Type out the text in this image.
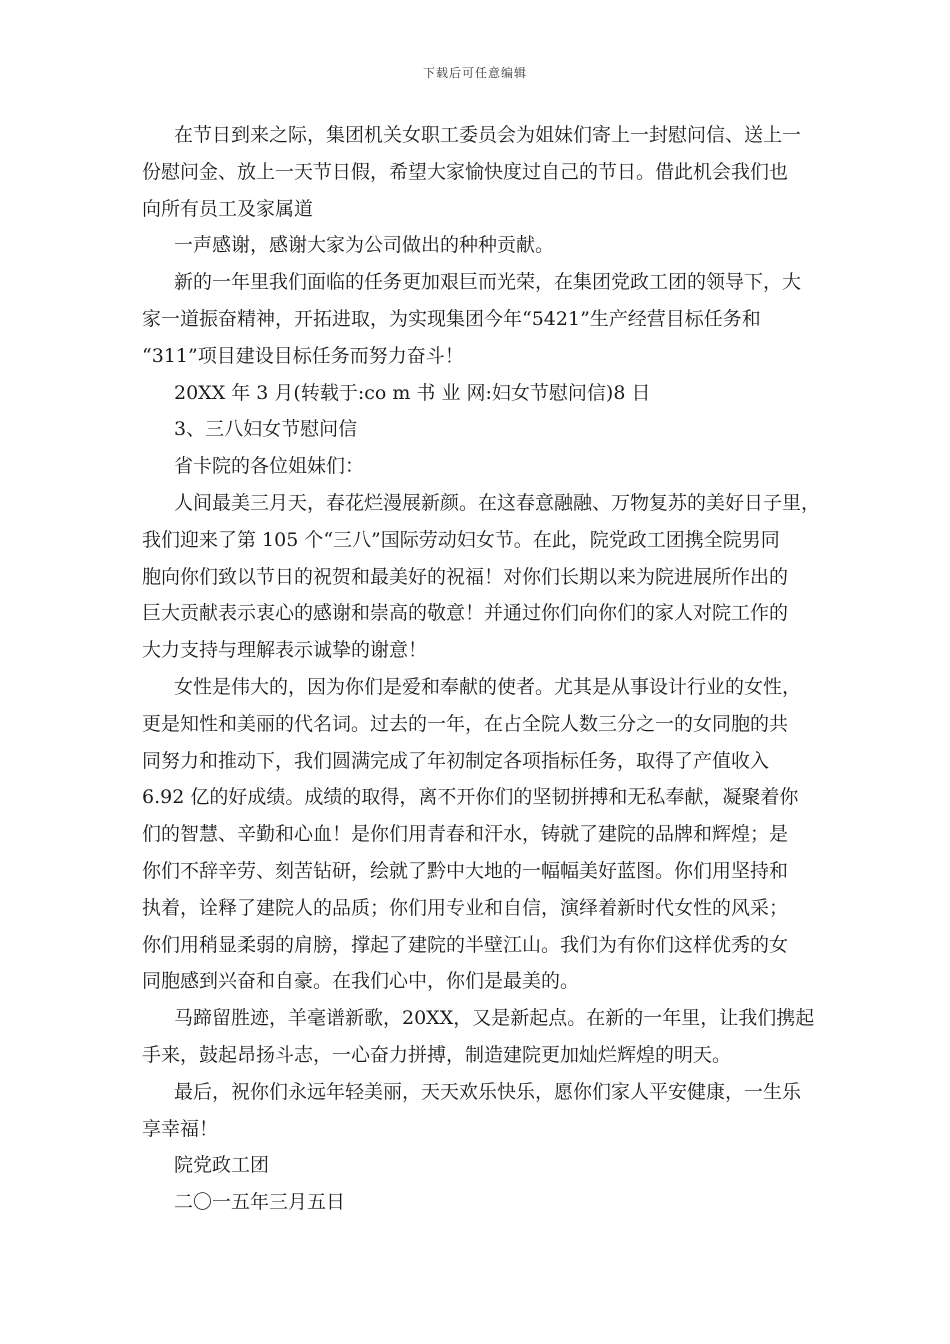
下载后可任意编辑

在节日到来之际，集团机关女职工委员会为姐妹们寄上一封慰问信、送上一
份慰问金、放上一天节日假，希望大家愉快度过自己的节日。借此机会我们也
向所有员工及家属道

一声感谢，感谢大家为公司做出的种种贡献。

新的一年里我们面临的任务更加艰巨而光荣，在集团党政工团的领导下，大
家一道振奋精神，开拓进取，为实现集团今年“5421”生产经营目标任务和
“311”项目建设目标任务而努力奋斗！

20XX 年 3 月(转载于:co m 书 业 网:妇女节慰问信)8 日

3、三八妇女节慰问信

省卡院的各位姐妹们：

人间最美三月天，春花烂漫展新颜。在这春意融融、万物复苏的美好日子里，
我们迎来了第 105 个“三八”国际劳动妇女节。在此，院党政工团携全院男同
胞向你们致以节日的祝贺和最美好的祝福！对你们长期以来为院进展所作出的
巨大贡献表示衷心的感谢和崇高的敬意！并通过你们向你们的家人对院工作的
大力支持与理解表示诚挚的谢意！

女性是伟大的，因为你们是爱和奉献的使者。尤其是从事设计行业的女性，
更是知性和美丽的代名词。过去的一年，在占全院人数三分之一的女同胞的共
同努力和推动下，我们圆满完成了年初制定各项指标任务，取得了产值收入
6.92 亿的好成绩。成绩的取得，离不开你们的坚韧拼搏和无私奉献，凝聚着你
们的智慧、辛勤和心血！是你们用青春和汗水，铸就了建院的品牌和辉煌；是
你们不辞辛劳、刻苦钻研，绘就了黔中大地的一幅幅美好蓝图。你们用坚持和
执着，诠释了建院人的品质；你们用专业和自信，演绎着新时代女性的风采；
你们用稍显柔弱的肩膀，撑起了建院的半壁江山。我们为有你们这样优秀的女
同胞感到兴奋和自豪。在我们心中，你们是最美的。

马蹄留胜迹，羊毫谱新歌，20XX，又是新起点。在新的一年里，让我们携起
手来，鼓起昂扬斗志，一心奋力拼搏，制造建院更加灿烂辉煌的明天。

最后，祝你们永远年轻美丽，天天欢乐快乐，愿你们家人平安健康，一生乐
享幸福！

院党政工团

二〇一五年三月五日
